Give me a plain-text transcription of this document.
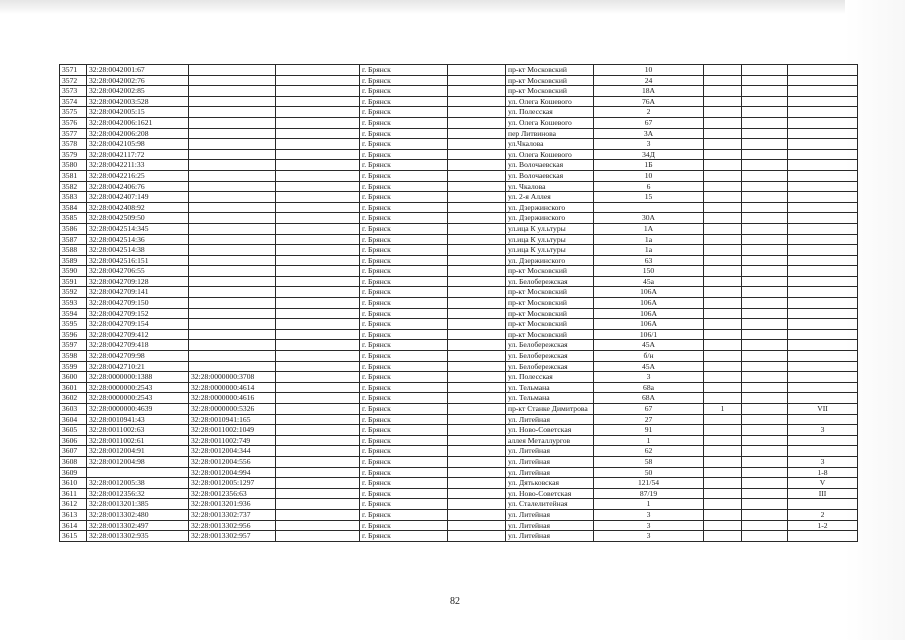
3571	32:28:0042001:67			г. Брянск		пр-кт Московский	10			
3572	32:28:0042002:76			г. Брянск		пр-кт Московский	24			
3573	32:28:0042002:85			г. Брянск		пр-кт Московский	18А			
3574	32:28:0042003:528			г. Брянск		ул. Олега Кошевого	76А			
3575	32:28:0042005:15			г. Брянск		ул. Полесская	2			
3576	32:28:0042006:1621			г. Брянск		ул. Олега Кошевого	67			
3577	32:28:0042006:208			г. Брянск		пер Литвинова	3А			
3578	32:28:0042105:98			г. Брянск		ул.Чкалова	3			
3579	32:28:0042117:72			г. Брянск		ул. Олега Кошевого	34Д			
3580	32:28:0042211:33			г. Брянск		ул. Волочаевская	1Б			
3581	32:28:0042216:25			г. Брянск		ул. Волочаевская	10			
3582	32:28:0042406:76			г. Брянск		ул. Чкалова	6			
3583	32:28:0042407:149			г. Брянск		ул. 2-я Аллея	15			
3584	32:28:0042408:92			г. Брянск		ул. Дзержинского				
3585	32:28:0042509:50			г. Брянск		ул. Дзержинского	30А			
3586	32:28:0042514:345			г. Брянск		ул.ица К ул.ьтуры	1А			
3587	32:28:0042514:36			г. Брянск		ул.ица К ул.ьтуры	1а			
3588	32:28:0042514:38			г. Брянск		ул.ица К ул.ьтуры	1а			
3589	32:28:0042516:151			г. Брянск		ул. Дзержинского	63			
3590	32:28:0042706:55			г. Брянск		пр-кт Московский	150			
3591	32:28:0042709:128			г. Брянск		ул. Белобережская	45а			
3592	32:28:0042709:141			г. Брянск		пр-кт Московский	106А			
3593	32:28:0042709:150			г. Брянск		пр-кт Московский	106А			
3594	32:28:0042709:152			г. Брянск		пр-кт Московский	106А			
3595	32:28:0042709:154			г. Брянск		пр-кт Московский	106А			
3596	32:28:0042709:412			г. Брянск		пр-кт Московский	106/1			
3597	32:28:0042709:418			г. Брянск		ул. Белобережская	45А			
3598	32:28:0042709:98			г. Брянск		ул. Белобережская	б/н			
3599	32:28:0042710:21			г. Брянск		ул. Белобережская	45А			
3600	32:28:0000000:1388	32:28:0000000:3708		г. Брянск		ул. Полесская	3			
3601	32:28:0000000:2543	32:28:0000000:4614		г. Брянск		ул. Тельмана	68а			
3602	32:28:0000000:2543	32:28:0000000:4616		г. Брянск		ул. Тельмана	68А			
3603	32:28:0000000:4639	32:28:0000000:5326		г. Брянск		пр-кт Станке Димитрова	67	1		VII
3604	32:28:0010941:43	32:28:0010941:165		г. Брянск		ул. Литейная	27			
3605	32:28:0011002:63	32:28:0011002:1049		г. Брянск		ул. Ново-Советская	91			3
3606	32:28:0011002:61	32:28:0011002:749		г. Брянск		аллея Металлургов	1			
3607	32:28:0012004:91	32:28:0012004:344		г. Брянск		ул. Литейная	62			
3608	32:28:0012004:98	32:28:0012004:556		г. Брянск		ул. Литейная	58			3
3609		32:28:0012004:994		г. Брянск		ул. Литейная	50			1-8
3610	32:28:0012005:38	32:28:0012005:1297		г. Брянск		ул. Дятьковская	121/54			V
3611	32:28:0012356:32	32:28:0012356:63		г. Брянск		ул. Ново-Советская	87/19			III
3612	32:28:0013201:385	32:28:0013201:936		г. Брянск		ул. Сталелитейная	1			
3613	32:28:0013302:480	32:28:0013302:737		г. Брянск		ул. Литейная	3			2
3614	32:28:0013302:497	32:28:0013302:956		г. Брянск		ул. Литейная	3			1-2
3615	32:28:0013302:935	32:28:0013302:957		г. Брянск		ул. Литейная	3			
82
